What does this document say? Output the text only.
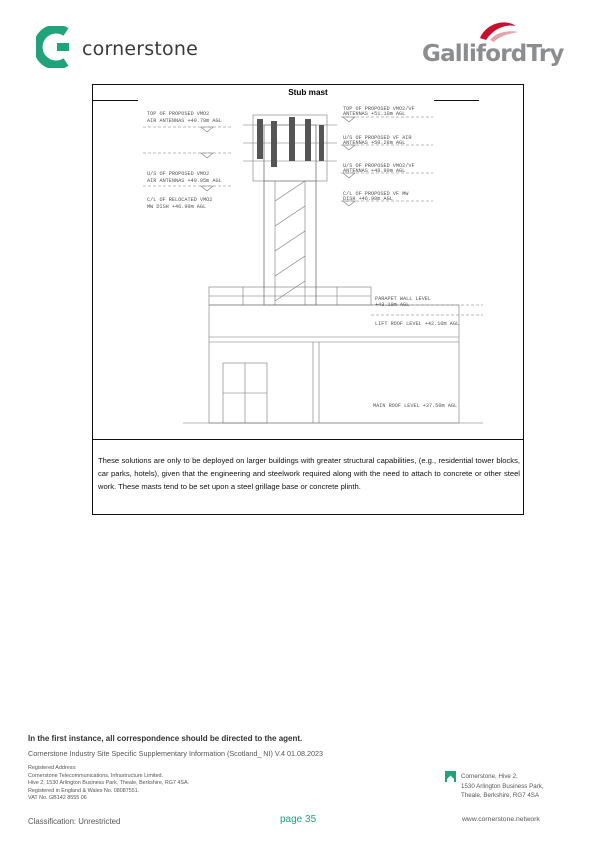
cornerstone	GallifordTry
Stub mast
TOP OF PROPOSED VMO2
AIR ANTENNAS +49.78m AGL
U/S OF PROPOSED VMO2
AIR ANTENNAS +49.05m AGL
C/L OF RELOCATED VMO2
MW DISH +46.90m AGL
TOP OF PROPOSED VMO2/VF
ANTENNAS +51.10m AGL
U/S OF PROPOSED VF AIR
ANTENNAS +50.28m AGL
U/S OF PROPOSED VMO2/VF
ANTENNAS +48.90m AGL
C/L OF PROPOSED VF MW
DISH +46.90m AGL
PARAPET WALL LEVEL
+43.10m AGL
LIFT ROOF LEVEL +42.10m AGL
MAIN ROOF LEVEL +37.50m AGL
These solutions are only to be deployed on larger buildings with greater structural capabilities, (e.g., residential tower blocks, car parks, hotels), given that the engineering and steelwork required along with the need to attach to concrete or other steel work. These masts tend to be set upon a steel grillage base or concrete plinth.
In the first instance, all correspondence should be directed to the agent.
Cornerstone Industry Site Specific Supplementary Information (Scotland_ NI) V.4 01.08.2023
Registered Address:
Cornerstone Telecommunications, Infrastructure Limited.
Hive 2, 1530 Arlington Business Park, Theale, Berkshire, RG7 4SA.
Registered in England & Wales No. 08087551.
VAT No. GB142 8555 06
Cornerstone, Hive 2,
1530 Arlington Business Park,
Theale, Berkshire, RG7 4SA
Classification: Unrestricted	page 35	www.cornerstone.network
